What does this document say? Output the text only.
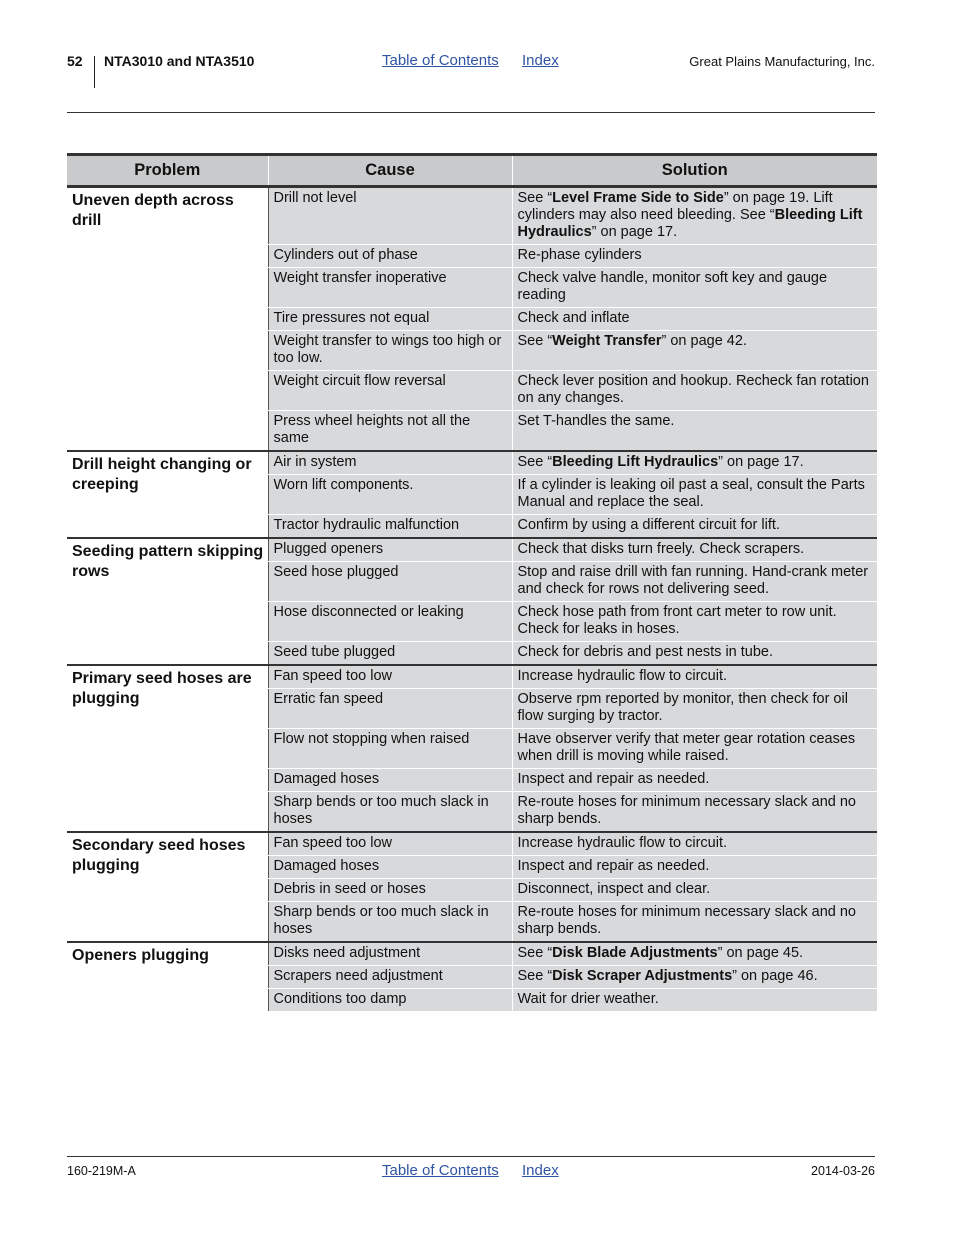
52 NTA3010 and NTA3510	Table of Contents Index	Great Plains Manufacturing, Inc.
Problem	Cause	Solution
Uneven depth across drill	Drill not level	See “Level Frame Side to Side” on page 19. Lift cylinders may also need bleeding. See “Bleeding Lift Hydraulics” on page 17.
	Cylinders out of phase	Re-phase cylinders
	Weight transfer inoperative	Check valve handle, monitor soft key and gauge reading
	Tire pressures not equal	Check and inflate
	Weight transfer to wings too high or too low.	See “Weight Transfer” on page 42.
	Weight circuit flow reversal	Check lever position and hookup. Recheck fan rotation on any changes.
	Press wheel heights not all the same	Set T-handles the same.
Drill height changing or creeping	Air in system	See “Bleeding Lift Hydraulics” on page 17.
	Worn lift components.	If a cylinder is leaking oil past a seal, consult the Parts Manual and replace the seal.
	Tractor hydraulic malfunction	Confirm by using a different circuit for lift.
Seeding pattern skipping rows	Plugged openers	Check that disks turn freely. Check scrapers.
	Seed hose plugged	Stop and raise drill with fan running. Hand-crank meter and check for rows not delivering seed.
	Hose disconnected or leaking	Check hose path from front cart meter to row unit. Check for leaks in hoses.
	Seed tube plugged	Check for debris and pest nests in tube.
Primary seed hoses are plugging	Fan speed too low	Increase hydraulic flow to circuit.
	Erratic fan speed	Observe rpm reported by monitor, then check for oil flow surging by tractor.
	Flow not stopping when raised	Have observer verify that meter gear rotation ceases when drill is moving while raised.
	Damaged hoses	Inspect and repair as needed.
	Sharp bends or too much slack in hoses	Re-route hoses for minimum necessary slack and no sharp bends.
Secondary seed hoses plugging	Fan speed too low	Increase hydraulic flow to circuit.
	Damaged hoses	Inspect and repair as needed.
	Debris in seed or hoses	Disconnect, inspect and clear.
	Sharp bends or too much slack in hoses	Re-route hoses for minimum necessary slack and no sharp bends.
Openers plugging	Disks need adjustment	See “Disk Blade Adjustments” on page 45.
	Scrapers need adjustment	See “Disk Scraper Adjustments” on page 46.
	Conditions too damp	Wait for drier weather.
160-219M-A	Table of Contents Index	2014-03-26
